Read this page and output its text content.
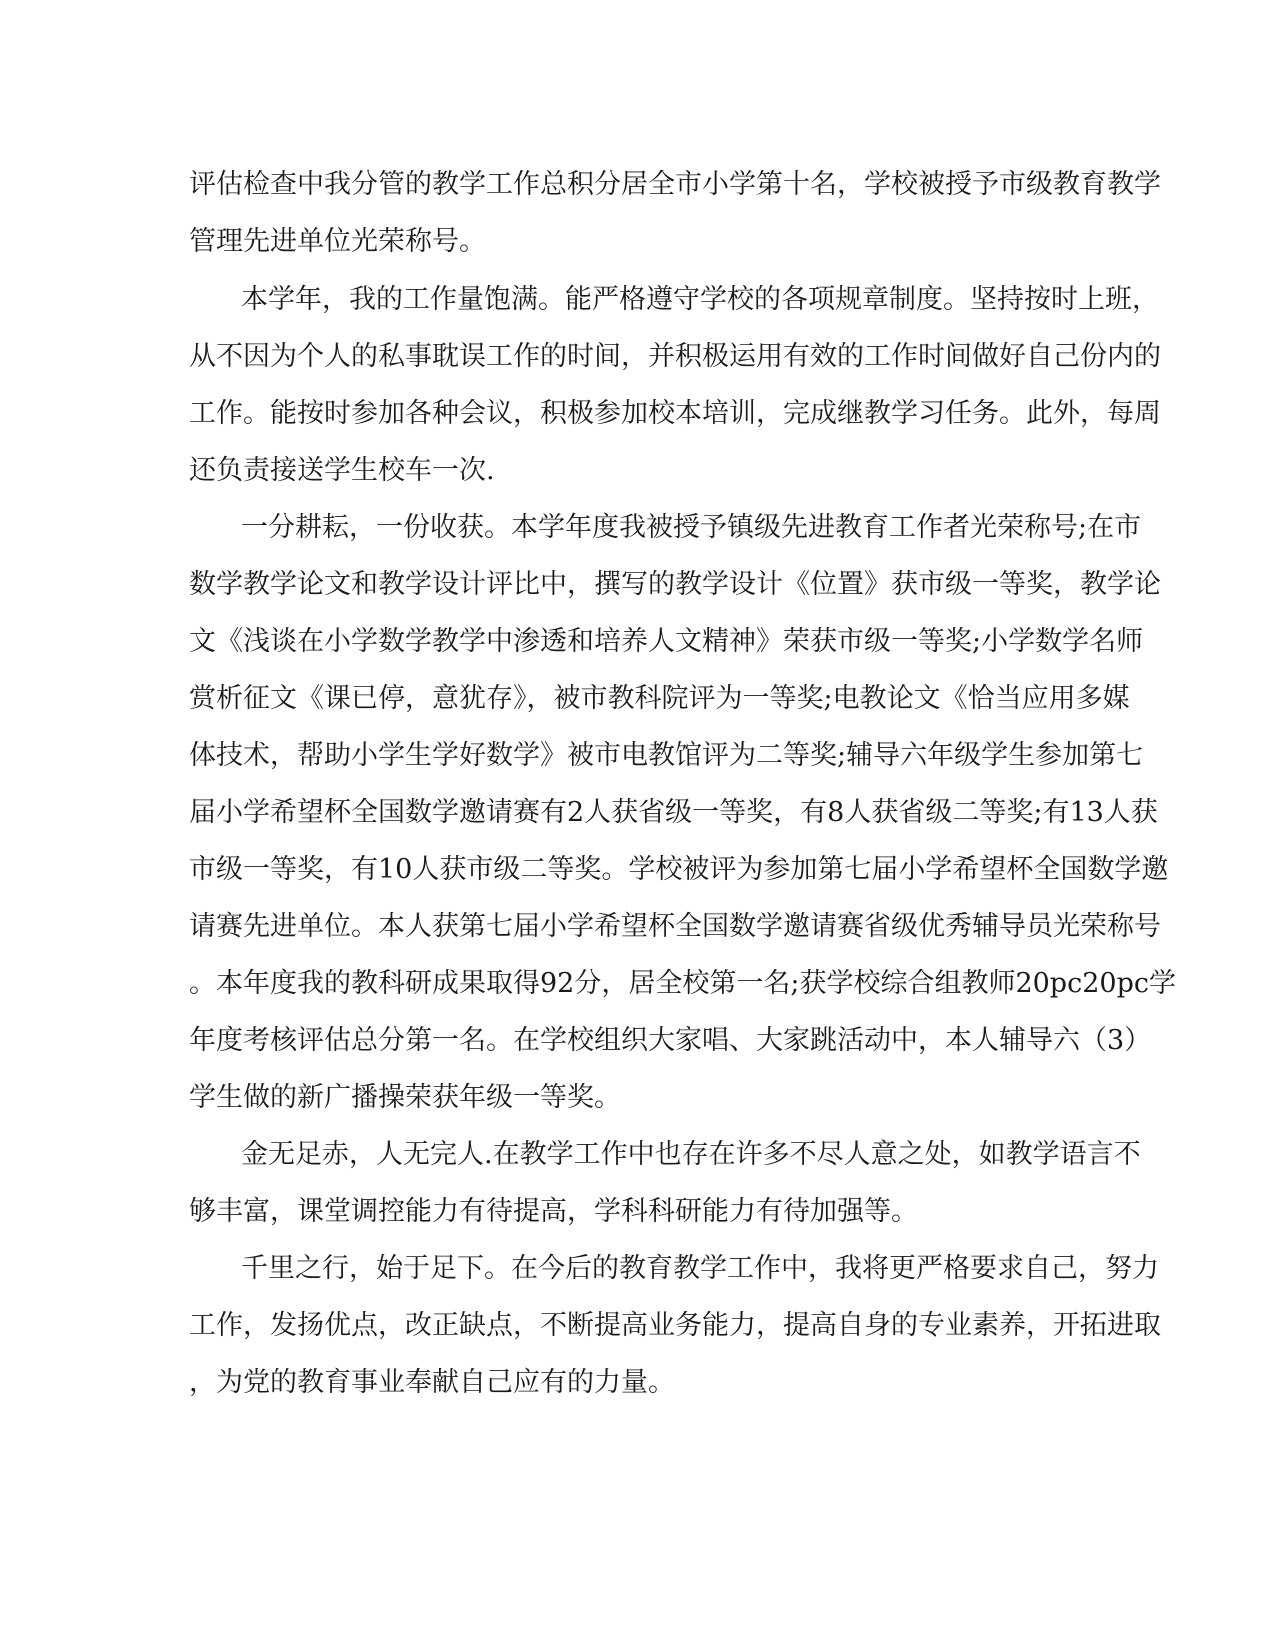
评估检查中我分管的教学工作总积分居全市小学第十名，学校被授予市级教育教学
管理先进单位光荣称号。
本学年，我的工作量饱满。能严格遵守学校的各项规章制度。坚持按时上班，
从不因为个人的私事耽误工作的时间，并积极运用有效的工作时间做好自己份内的
工作。能按时参加各种会议，积极参加校本培训，完成继教学习任务。此外，每周
还负责接送学生校车一次.
一分耕耘，一份收获。本学年度我被授予镇级先进教育工作者光荣称号;在市
数学教学论文和教学设计评比中，撰写的教学设计《位置》获市级一等奖，教学论
文《浅谈在小学数学教学中渗透和培养人文精神》荣获市级一等奖;小学数学名师
赏析征文《课已停，意犹存》，被市教科院评为一等奖;电教论文《恰当应用多媒
体技术，帮助小学生学好数学》被市电教馆评为二等奖;辅导六年级学生参加第七
届小学希望杯全国数学邀请赛有2人获省级一等奖，有8人获省级二等奖;有13人获
市级一等奖，有10人获市级二等奖。学校被评为参加第七届小学希望杯全国数学邀
请赛先进单位。本人获第七届小学希望杯全国数学邀请赛省级优秀辅导员光荣称号
。本年度我的教科研成果取得92分，居全校第一名;获学校综合组教师20pc20pc学
年度考核评估总分第一名。在学校组织大家唱、大家跳活动中，本人辅导六（3）
学生做的新广播操荣获年级一等奖。
金无足赤，人无完人.在教学工作中也存在许多不尽人意之处，如教学语言不
够丰富，课堂调控能力有待提高，学科科研能力有待加强等。
千里之行，始于足下。在今后的教育教学工作中，我将更严格要求自己，努力
工作，发扬优点，改正缺点，不断提高业务能力，提高自身的专业素养，开拓进取
，为党的教育事业奉献自己应有的力量。
